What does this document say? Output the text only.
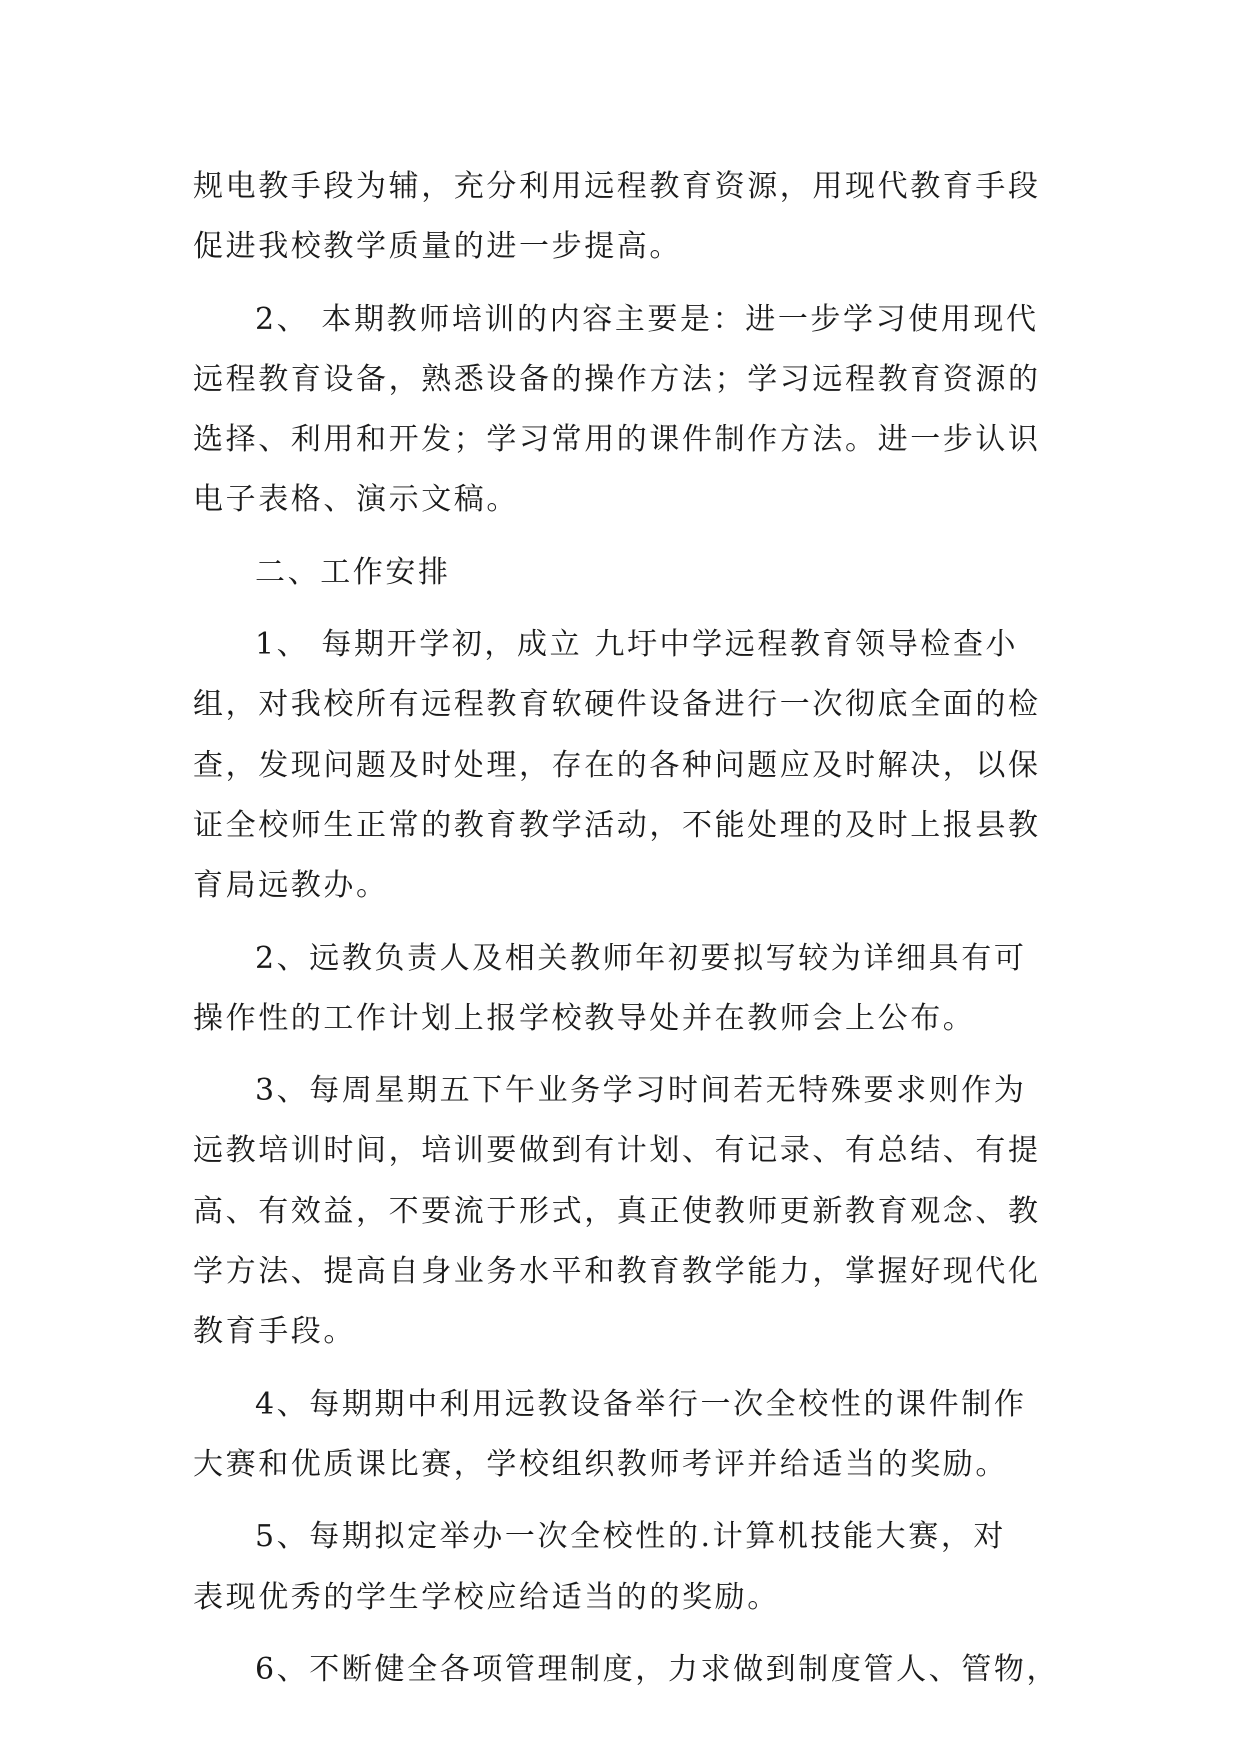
规电教手段为辅，充分利用远程教育资源，用现代教育手段
促进我校教学质量的进一步提高。
2、 本期教师培训的内容主要是：进一步学习使用现代
远程教育设备，熟悉设备的操作方法；学习远程教育资源的
选择、利用和开发；学习常用的课件制作方法。进一步认识
电子表格、演示文稿。
二、工作安排
1、 每期开学初，成立 九圩中学远程教育领导检查小
组，对我校所有远程教育软硬件设备进行一次彻底全面的检
查，发现问题及时处理，存在的各种问题应及时解决，以保
证全校师生正常的教育教学活动，不能处理的及时上报县教
育局远教办。
2、远教负责人及相关教师年初要拟写较为详细具有可
操作性的工作计划上报学校教导处并在教师会上公布。
3、每周星期五下午业务学习时间若无特殊要求则作为
远教培训时间，培训要做到有计划、有记录、有总结、有提
高、有效益，不要流于形式，真正使教师更新教育观念、教
学方法、提高自身业务水平和教育教学能力，掌握好现代化
教育手段。
4、每期期中利用远教设备举行一次全校性的课件制作
大赛和优质课比赛，学校组织教师考评并给适当的奖励。
5、每期拟定举办一次全校性的.计算机技能大赛，对
表现优秀的学生学校应给适当的的奖励。
6、不断健全各项管理制度，力求做到制度管人、管物，
